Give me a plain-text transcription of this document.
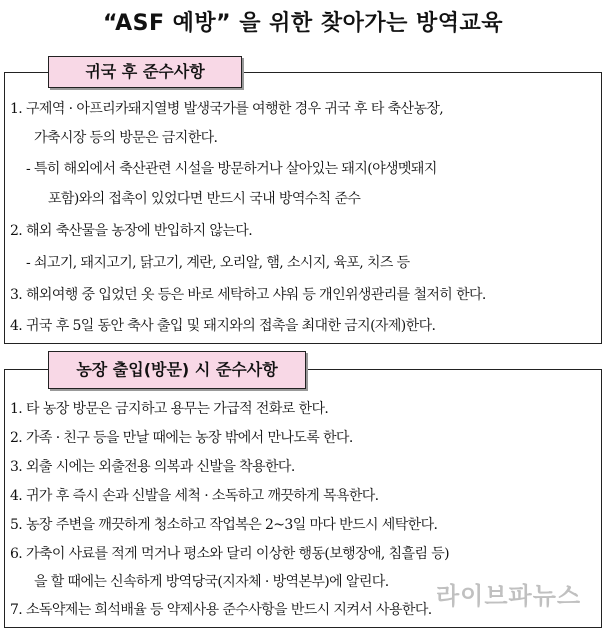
“ASF 예방” 을 위한 찾아가는 방역교육
귀국 후 준수사항
1. 구제역 · 아프리카돼지열병 발생국가를 여행한 경우 귀국 후 타 축산농장,
가축시장 등의 방문은 금지한다.
- 특히 해외에서 축산관련 시설을 방문하거나 살아있는 돼지(야생멧돼지
포함)와의 접촉이 있었다면 반드시 국내 방역수칙 준수
2. 해외 축산물을 농장에 반입하지 않는다.
- 쇠고기, 돼지고기, 닭고기, 계란, 오리알, 햄, 소시지, 육포, 치즈 등
3. 해외여행 중 입었던 옷 등은 바로 세탁하고 샤워 등 개인위생관리를 철저히 한다.
4. 귀국 후 5일 동안 축사 출입 및 돼지와의 접촉을 최대한 금지(자제)한다.
농장 출입(방문) 시 준수사항
1. 타 농장 방문은 금지하고 용무는 가급적 전화로 한다.
2. 가족 · 친구 등을 만날 때에는 농장 밖에서 만나도록 한다.
3. 외출 시에는 외출전용 의복과 신발을 착용한다.
4. 귀가 후 즉시 손과 신발을 세척 · 소독하고 깨끗하게 목욕한다.
5. 농장 주변을 깨끗하게 청소하고 작업복은 2~3일 마다 반드시 세탁한다.
6. 가축이 사료를 적게 먹거나 평소와 달리 이상한 행동(보행장애, 침흘림 등)
을 할 때에는 신속하게 방역당국(지자체 · 방역본부)에 알린다.
7. 소독약제는 희석배율 등 약제사용 준수사항을 반드시 지켜서 사용한다. 라이브파뉴스
